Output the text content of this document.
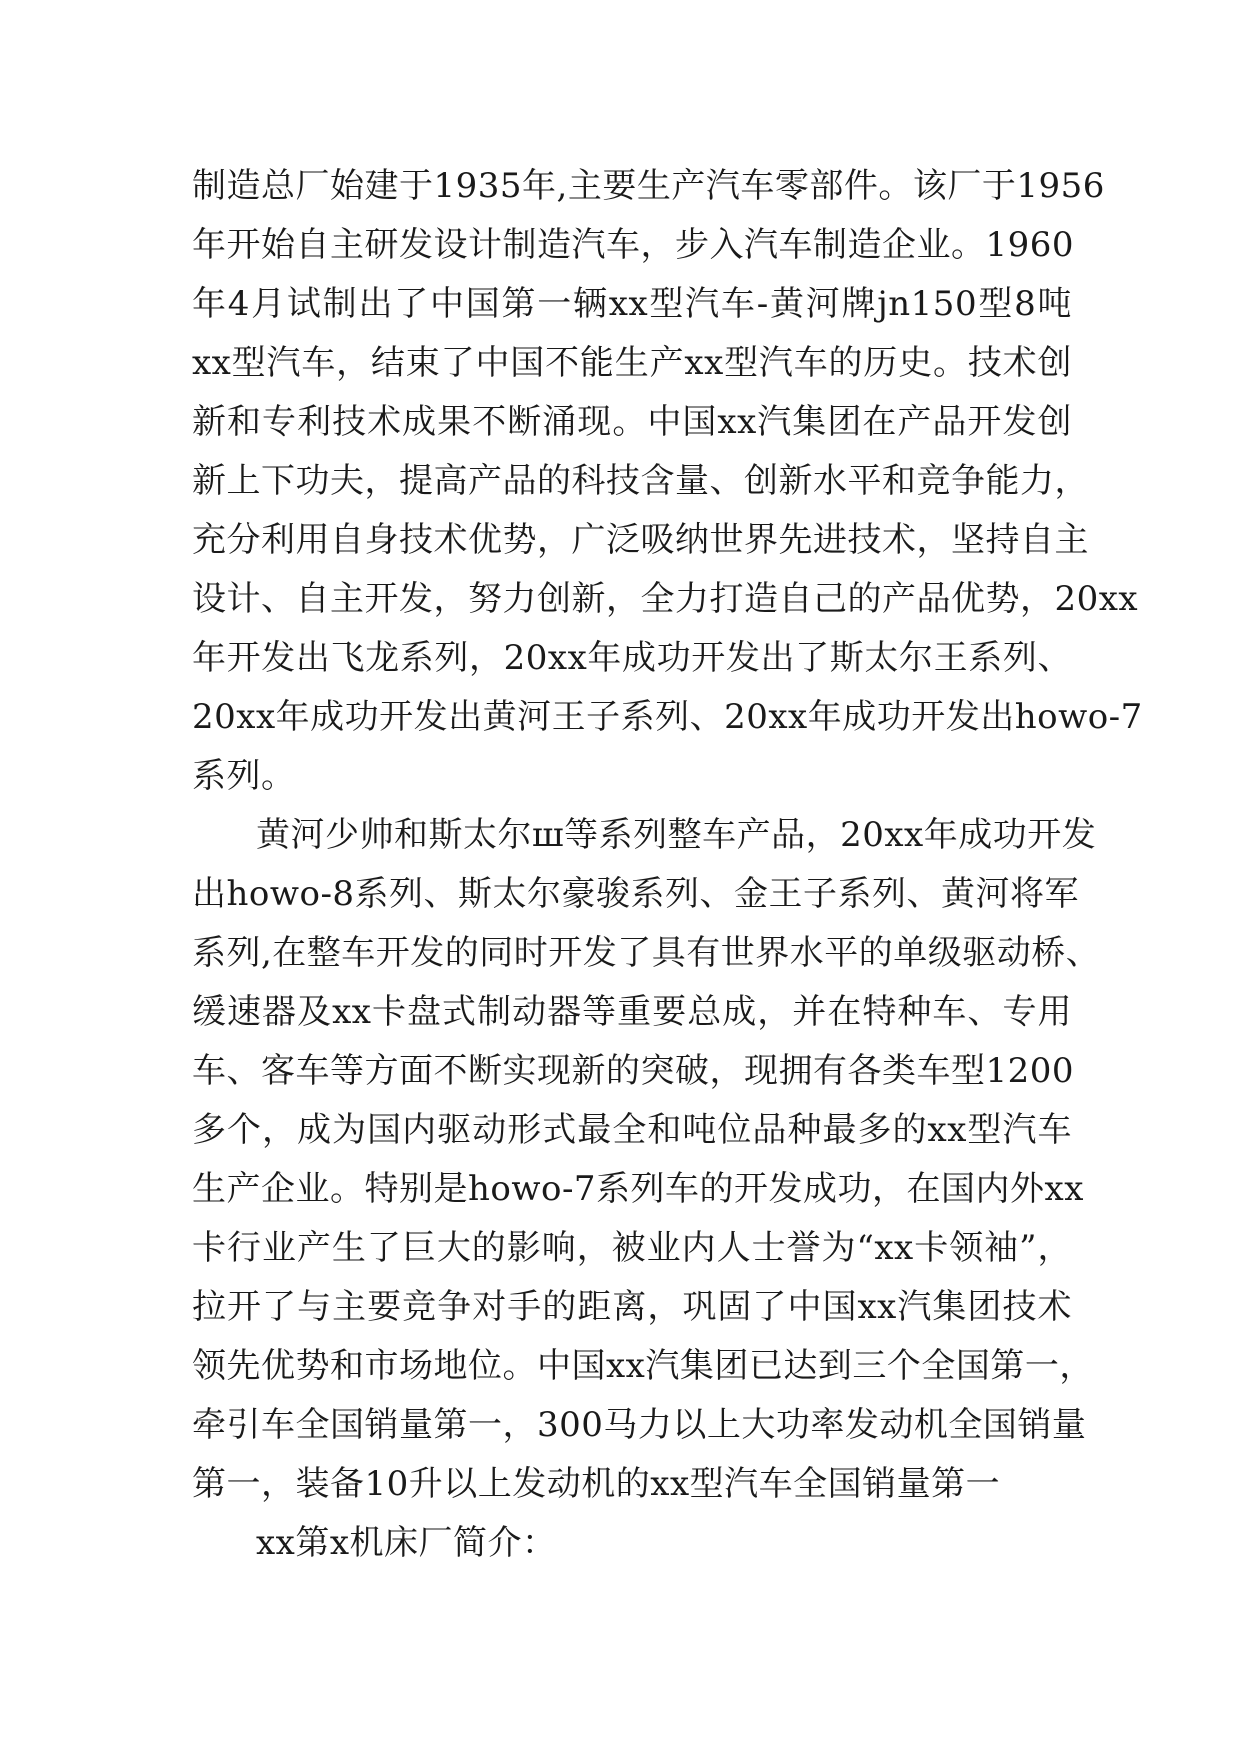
制造总厂始建于1935年,主要生产汽车零部件。该厂于1956
年开始自主研发设计制造汽车，步入汽车制造企业。1960
年4月试制出了中国第一辆xx型汽车-黄河牌jn150型8吨
xx型汽车，结束了中国不能生产xx型汽车的历史。技术创
新和专利技术成果不断涌现。中国xx汽集团在产品开发创
新上下功夫，提高产品的科技含量、创新水平和竞争能力，
充分利用自身技术优势，广泛吸纳世界先进技术，坚持自主
设计、自主开发，努力创新，全力打造自己的产品优势，20xx
年开发出飞龙系列，20xx年成功开发出了斯太尔王系列、
20xx年成功开发出黄河王子系列、20xx年成功开发出howo-7
系列。
黄河少帅和斯太尔ш等系列整车产品，20xx年成功开发
出howo-8系列、斯太尔豪骏系列、金王子系列、黄河将军
系列,在整车开发的同时开发了具有世界水平的单级驱动桥、
缓速器及xx卡盘式制动器等重要总成，并在特种车、专用
车、客车等方面不断实现新的突破，现拥有各类车型1200
多个，成为国内驱动形式最全和吨位品种最多的xx型汽车
生产企业。特别是howo-7系列车的开发成功，在国内外xx
卡行业产生了巨大的影响，被业内人士誉为“xx卡领袖”，
拉开了与主要竞争对手的距离，巩固了中国xx汽集团技术
领先优势和市场地位。中国xx汽集团已达到三个全国第一，
牵引车全国销量第一，300马力以上大功率发动机全国销量
第一，装备10升以上发动机的xx型汽车全国销量第一
xx第x机床厂简介：
